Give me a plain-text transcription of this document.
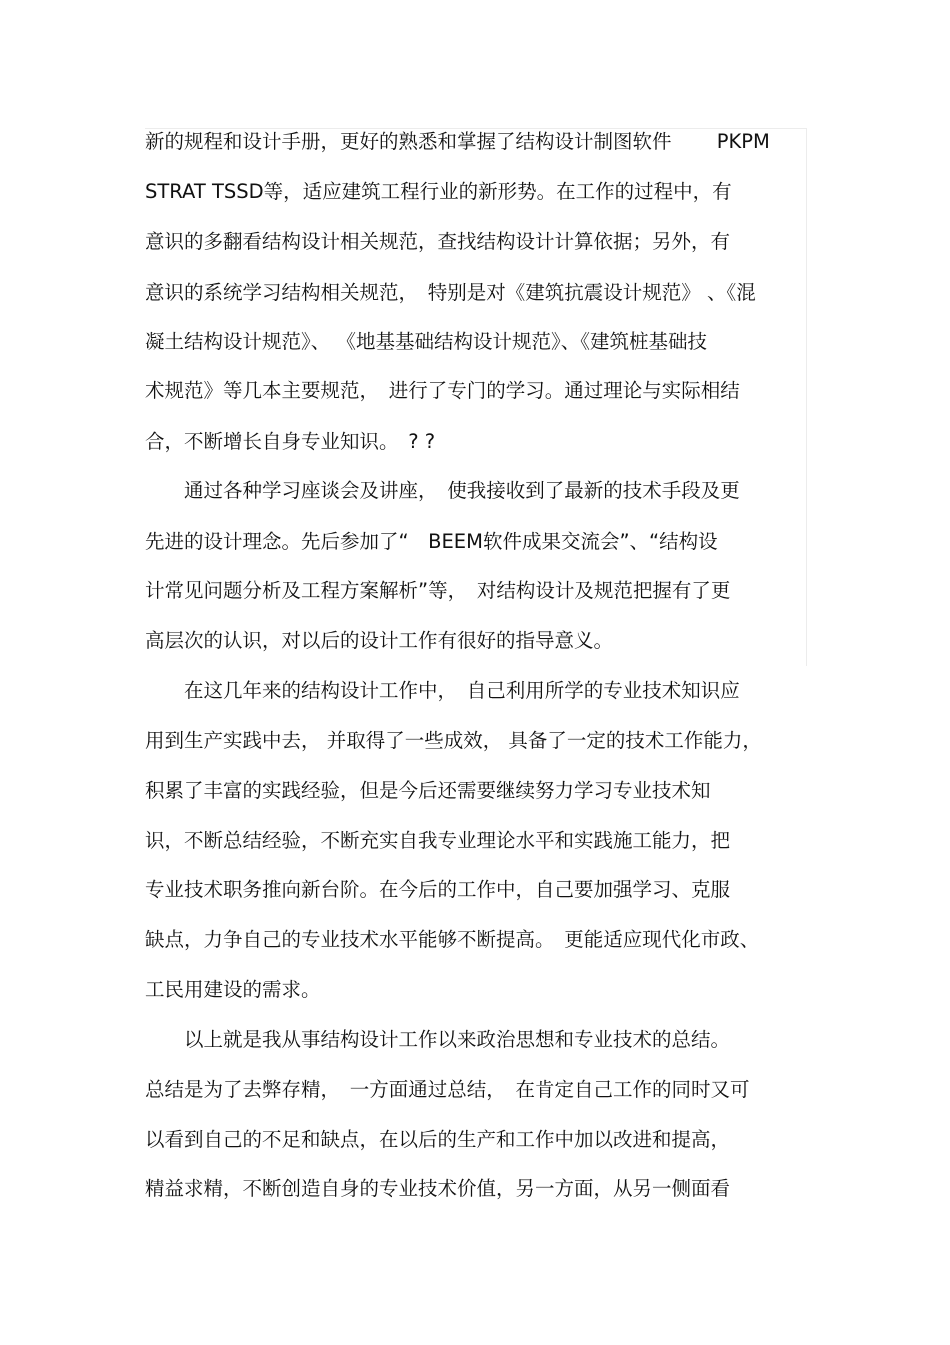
新的规程和设计手册，更好的熟悉和掌握了结构设计制图软件　　 PKPM
STRAT TSSD等，适应建筑工程行业的新形势。在工作的过程中，有
意识的多翻看结构设计相关规范，查找结构设计计算依据；另外，有
意识的系统学习结构相关规范，　特别是对《建筑抗震设计规范》 、《混
凝土结构设计规范》、 《地基基础结构设计规范》、《建筑桩基础技
术规范》等几本主要规范，　进行了专门的学习。通过理论与实际相结
合，不断增长自身专业知识。　? ?
　　通过各种学习座谈会及讲座，　使我接收到了最新的技术手段及更
先进的设计理念。先后参加了“　BEEM软件成果交流会”、“结构设
计常见问题分析及工程方案解析”等，　对结构设计及规范把握有了更
高层次的认识，对以后的设计工作有很好的指导意义。
　　在这几年来的结构设计工作中，　自己利用所学的专业技术知识应
用到生产实践中去， 并取得了一些成效， 具备了一定的技术工作能力，
积累了丰富的实践经验，但是今后还需要继续努力学习专业技术知
识，不断总结经验，不断充实自我专业理论水平和实践施工能力，把
专业技术职务推向新台阶。在今后的工作中，自己要加强学习、克服
缺点，力争自己的专业技术水平能够不断提高。　更能适应现代化市政、
工民用建设的需求。
　　以上就是我从事结构设计工作以来政治思想和专业技术的总结。
总结是为了去弊存精，　一方面通过总结，　在肯定自己工作的同时又可
以看到自己的不足和缺点，在以后的生产和工作中加以改进和提高，
精益求精，不断创造自身的专业技术价值，另一方面，从另一侧面看
